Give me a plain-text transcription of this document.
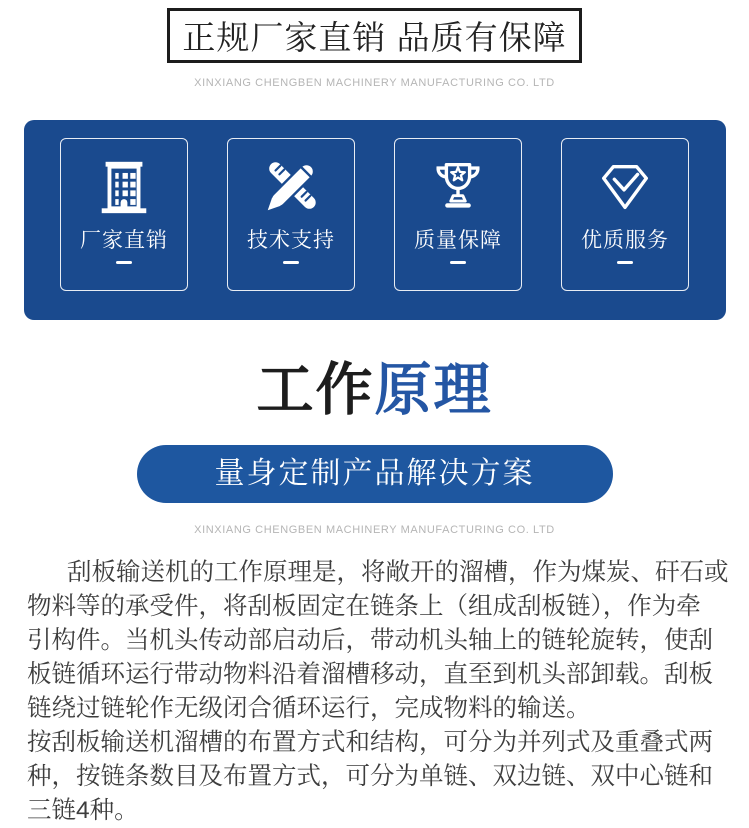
正规厂家直销 品质有保障
XINXIANG CHENGBEN MACHINERY MANUFACTURING CO. LTD
厂家直销	技术支持	质量保障	优质服务
工作原理
量身定制产品解决方案
XINXIANG CHENGBEN MACHINERY MANUFACTURING CO. LTD
刮板输送机的工作原理是，将敞开的溜槽，作为煤炭、矸石或
物料等的承受件，将刮板固定在链条上（组成刮板链），作为牵
引构件。当机头传动部启动后，带动机头轴上的链轮旋转，使刮
板链循环运行带动物料沿着溜槽移动，直至到机头部卸载。刮板
链绕过链轮作无级闭合循环运行，完成物料的输送。
按刮板输送机溜槽的布置方式和结构，可分为并列式及重叠式两
种，按链条数目及布置方式，可分为单链、双边链、双中心链和
三链4种。
